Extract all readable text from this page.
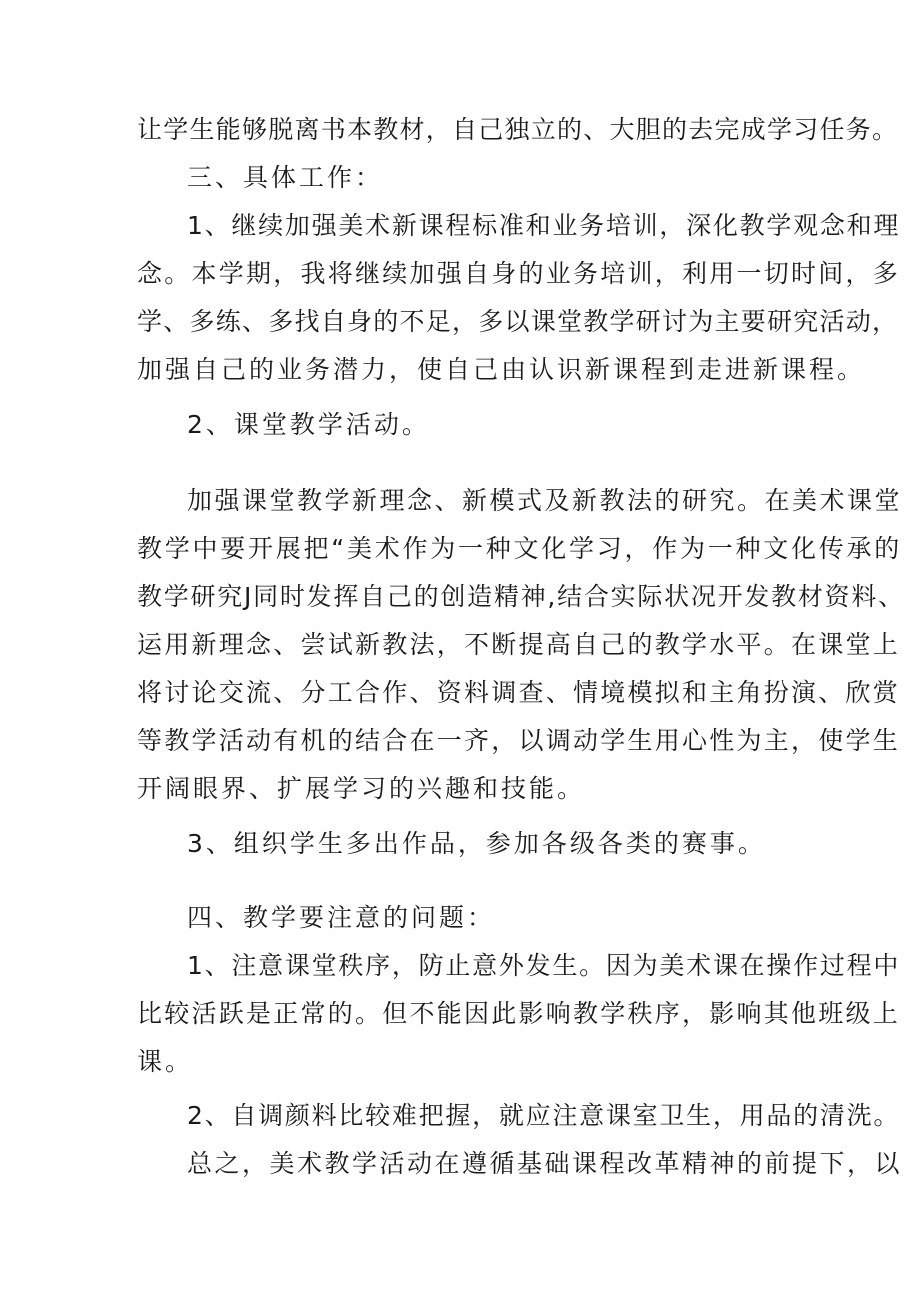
让学生能够脱离书本教材，自己独立的、大胆的去完成学习任务。
三、具体工作：
1、继续加强美术新课程标准和业务培训，深化教学观念和理
念。本学期，我将继续加强自身的业务培训，利用一切时间，多
学、多练、多找自身的不足，多以课堂教学研讨为主要研究活动，
加强自己的业务潜力，使自己由认识新课程到走进新课程。
2、课堂教学活动。
加强课堂教学新理念、新模式及新教法的研究。在美术课堂
教学中要开展把“美术作为一种文化学习，作为一种文化传承的
教学研究J同时发挥自己的创造精神,结合实际状况开发教材资料、
运用新理念、尝试新教法，不断提高自己的教学水平。在课堂上
将讨论交流、分工合作、资料调查、情境模拟和主角扮演、欣赏
等教学活动有机的结合在一齐，以调动学生用心性为主，使学生
开阔眼界、扩展学习的兴趣和技能。
3、组织学生多出作品，参加各级各类的赛事。
四、教学要注意的问题：
1、注意课堂秩序，防止意外发生。因为美术课在操作过程中
比较活跃是正常的。但不能因此影响教学秩序，影响其他班级上
课。
2、自调颜料比较难把握，就应注意课室卫生，用品的清洗。
总之，美术教学活动在遵循基础课程改革精神的前提下，以
